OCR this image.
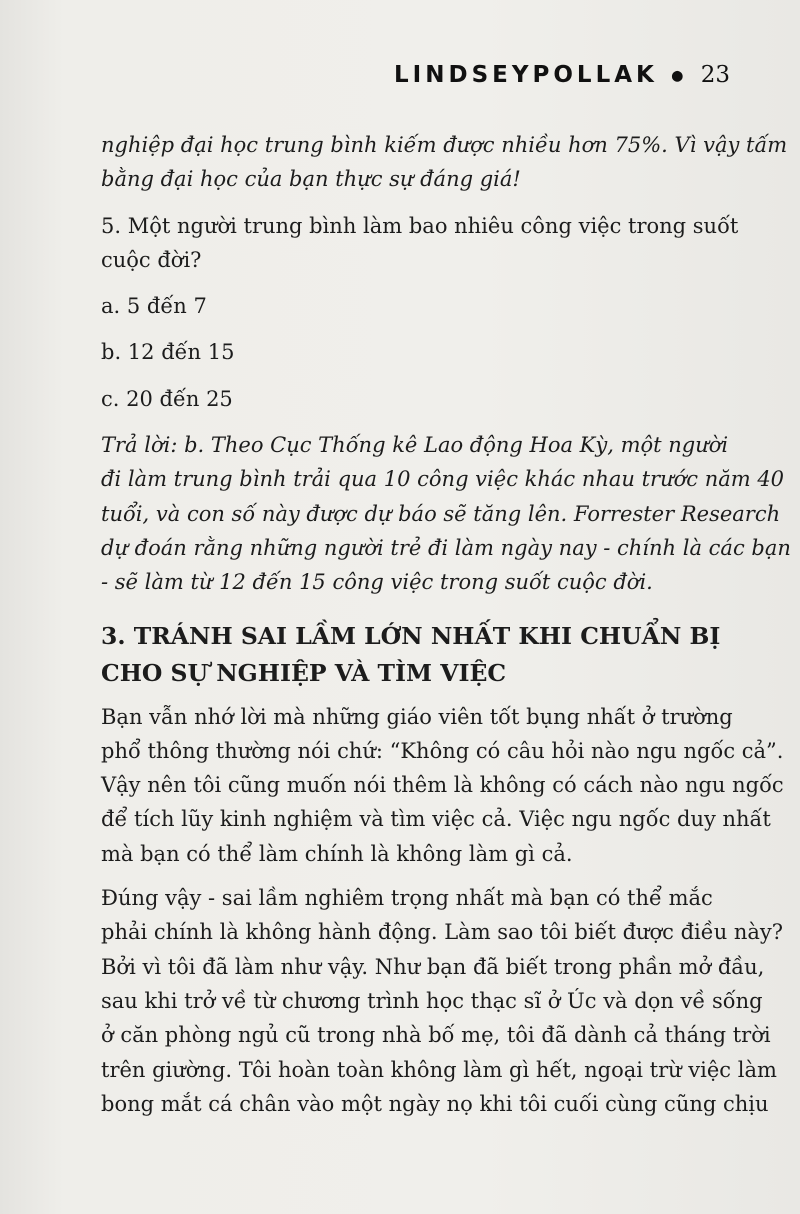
LINDSEYPOLLAK ● 23
nghiệp đại học trung bình kiếm được nhiều hơn 75%. Vì vậy tấm
bằng đại học của bạn thực sự đáng giá!
5. Một người trung bình làm bao nhiêu công việc trong suốt
cuộc đời?
a. 5 đến 7
b. 12 đến 15
c. 20 đến 25
Trả lời: b. Theo Cục Thống kê Lao động Hoa Kỳ, một người
đi làm trung bình trải qua 10 công việc khác nhau trước năm 40
tuổi, và con số này được dự báo sẽ tăng lên. Forrester Research
dự đoán rằng những người trẻ đi làm ngày nay - chính là các bạn
- sẽ làm từ 12 đến 15 công việc trong suốt cuộc đời.
3. TRÁNH SAI LẦM LỚN NHẤT KHI CHUẨN BỊ
CHO SỰ NGHIỆP VÀ TÌM VIỆC
Bạn vẫn nhớ lời mà những giáo viên tốt bụng nhất ở trường
phổ thông thường nói chứ: “Không có câu hỏi nào ngu ngốc cả”.
Vậy nên tôi cũng muốn nói thêm là không có cách nào ngu ngốc
để tích lũy kinh nghiệm và tìm việc cả. Việc ngu ngốc duy nhất
mà bạn có thể làm chính là không làm gì cả.
Đúng vậy - sai lầm nghiêm trọng nhất mà bạn có thể mắc
phải chính là không hành động. Làm sao tôi biết được điều này?
Bởi vì tôi đã làm như vậy. Như bạn đã biết trong phần mở đầu,
sau khi trở về từ chương trình học thạc sĩ ở Úc và dọn về sống
ở căn phòng ngủ cũ trong nhà bố mẹ, tôi đã dành cả tháng trời
trên giường. Tôi hoàn toàn không làm gì hết, ngoại trừ việc làm
bong mắt cá chân vào một ngày nọ khi tôi cuối cùng cũng chịu
